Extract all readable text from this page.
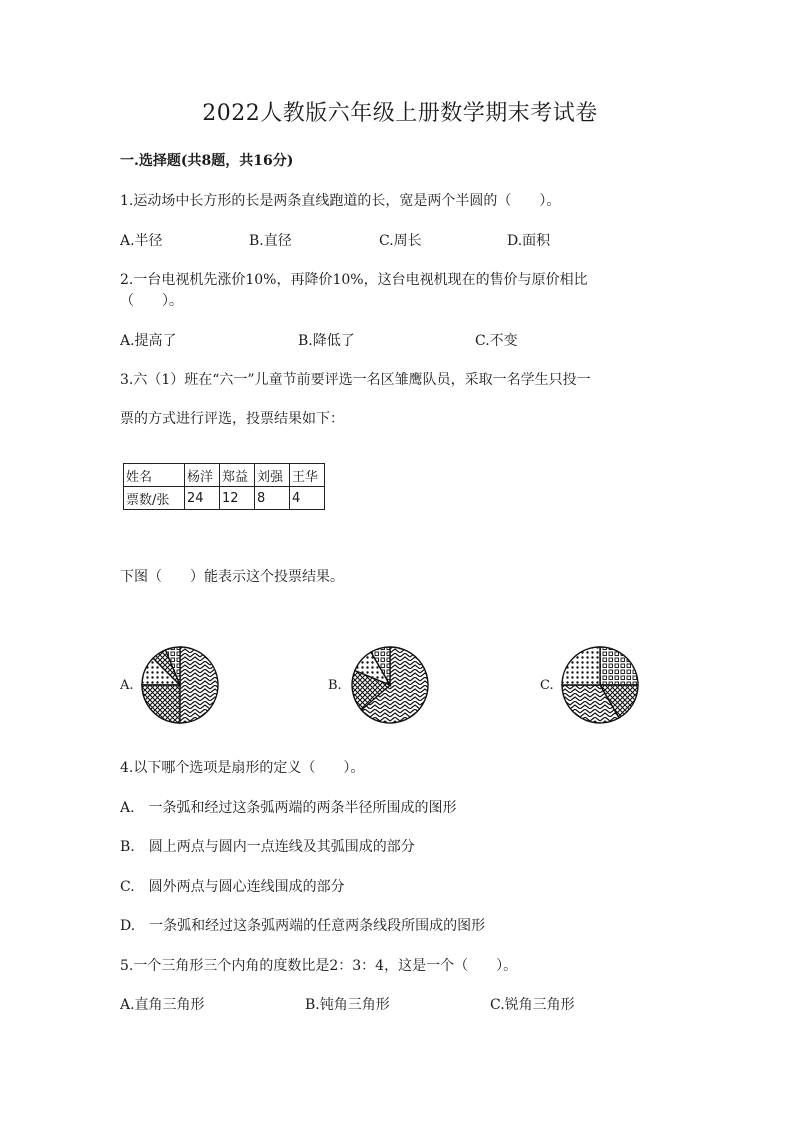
2022人教版六年级上册数学期末考试卷
一.选择题(共8题，共16分)
1.运动场中长方形的长是两条直线跑道的长，宽是两个半圆的（　　）。
A.半径	B.直径	C.周长	D.面积
2.一台电视机先涨价10%，再降价10%，这台电视机现在的售价与原价相比
（　　）。
A.提高了	B.降低了	C.不变
3.六（1）班在“六一”儿童节前要评选一名区雏鹰队员，采取一名学生只投一
票的方式进行评选，投票结果如下：
姓名	杨洋	郑益	刘强	王华
票数/张	24	12	8	4
下图（　　）能表示这个投票结果。
A.	B.	C.
4.以下哪个选项是扇形的定义（　　）。
A.　一条弧和经过这条弧两端的两条半径所围成的图形
B.　圆上两点与圆内一点连线及其弧围成的部分
C.　圆外两点与圆心连线围成的部分
D.　一条弧和经过这条弧两端的任意两条线段所围成的图形
5.一个三角形三个内角的度数比是2：3：4，这是一个（　　）。
A.直角三角形	B.钝角三角形	C.锐角三角形
